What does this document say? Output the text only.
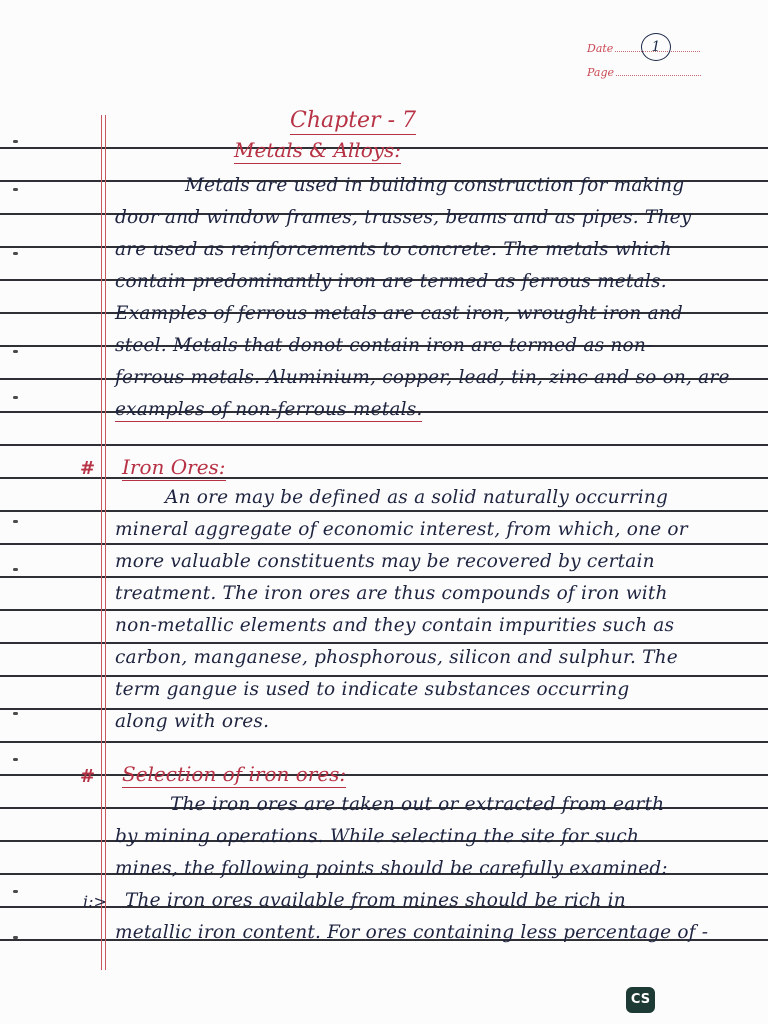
Date
Page
1
Chapter - 7
Metals & Alloys:
Metals are used in building construction for making
door and window frames, trusses, beams and as pipes. They
are used as reinforcements to concrete. The metals which
contain predominantly iron are termed as ferrous metals.
Examples of ferrous metals are cast iron, wrought iron and
steel. Metals that donot contain iron are termed as non-
ferrous metals. Aluminium, copper, lead, tin, zinc and so on, are
examples of non-ferrous metals.
# Iron Ores:
An ore may be defined as a solid naturally occurring
mineral aggregate of economic interest, from which, one or
more valuable constituents may be recovered by certain
treatment. The iron ores are thus compounds of iron with
non-metallic elements and they contain impurities such as
carbon, manganese, phosphorous, silicon and sulphur. The
term gangue is used to indicate substances occurring
along with ores.
# Selection of iron ores:
The iron ores are taken out or extracted from earth
by mining operations. While selecting the site for such
mines, the following points should be carefully examined:
i:> The iron ores available from mines should be rich in
metallic iron content. For ores containing less percentage of -
CS
